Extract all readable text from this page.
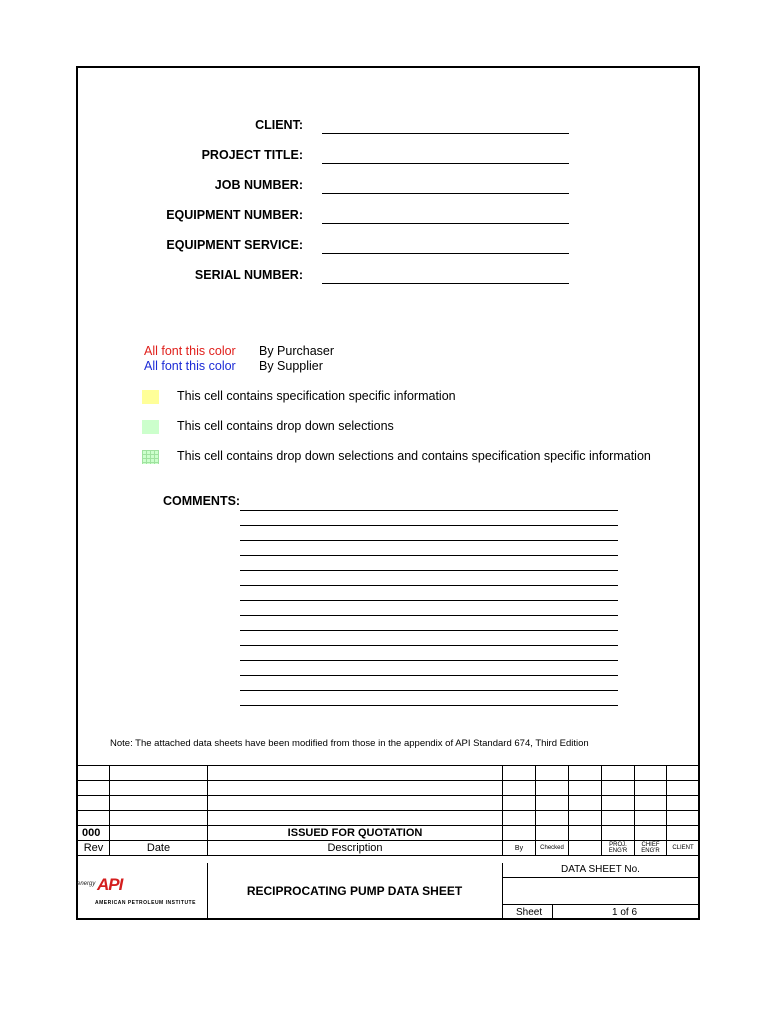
CLIENT:
PROJECT TITLE:
JOB NUMBER:
EQUIPMENT NUMBER:
EQUIPMENT SERVICE:
SERIAL NUMBER:
All font this color By Purchaser
All font this color By Supplier
This cell contains specification specific information
This cell contains drop down selections
This cell contains drop down selections and contains specification specific information
COMMENTS:
Note: The attached data sheets have been modified from those in the appendix of API Standard 674, Third Edition

000		ISSUED FOR QUOTATION						
Rev	Date	Description	By	Checked		PROJ. ENG'R	CHIEF ENG'R	CLIENT
energy API
AMERICAN PETROLEUM INSTITUTE
RECIPROCATING PUMP DATA SHEET
DATA SHEET No.
Sheet	1 of 6
